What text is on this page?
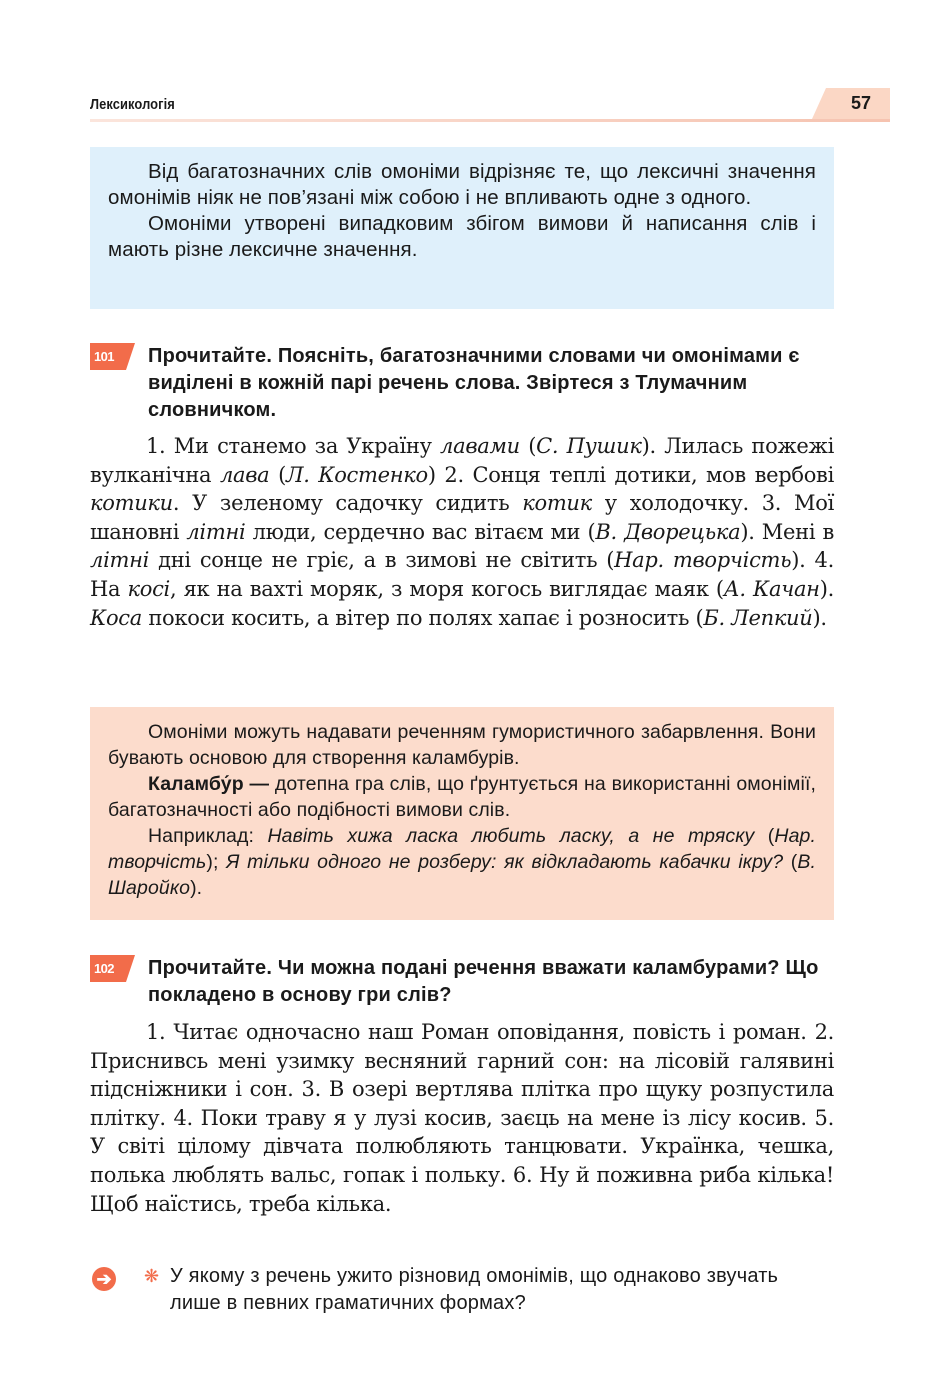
Лексикологія	57

Від багатозначних слів омоніми відрізняє те, що лексичні значення омонімів ніяк не пов’язані між собою і не впливають одне з одного.

Омоніми утворені випадковим збігом вимови й написання слів і мають різне лексичне значення.

101	Прочитайте. Поясніть, багатозначними словами чи омонімами є виділені в кожній парі речень слова. Звіртеся з Тлумачним словничком.

1. Ми станемо за Україну лавами (С. Пушик). Лилась пожежі вулканічна лава (Л. Костенко) 2. Сонця теплі дотики, мов вербові котики. У зеленому садочку сидить котик у холодочку. 3. Мої шановні літні люди, сердечно вас вітаєм ми (В. Дворецька). Мені в літні дні сонце не гріє, а в зимові не світить (Нар. творчість). 4. На косі, як на вахті моряк, з моря когось виглядає маяк (А. Качан). Коса покоси косить, а вітер по полях хапає і розносить (Б. Лепкий).

Омоніми можуть надавати реченням гумористичного забарвлення. Вони бувають основою для створення каламбурів.

Каламбу́р — дотепна гра слів, що ґрунтується на використанні омонімії, багатозначності або подібності вимови слів.

Наприклад: Навіть хижа ласка любить ласку, а не тряску (Нар. творчість); Я тільки одного не розберу: як відкладають кабачки ікру? (В. Шаройко).

102	Прочитайте. Чи можна подані речення вважати каламбурами? Що покладено в основу гри слів?

1. Читає одночасно наш Роман оповідання, повість і роман. 2. Приснивсь мені узимку весняний гарний сон: на лісовій галявині підсніжники і сон. 3. В озері вертлява плітка про щуку розпустила плітку. 4. Поки траву я у лузі косив, заєць на мене із лісу косив. 5. У світі цілому дівчата полюбляють танцювати. Українка, чешка, полька люблять вальс, гопак і польку. 6. Ну й поживна риба кілька! Щоб наїстись, треба кілька.

➔ ❋ У якому з речень ужито різновид омонімів, що однаково звучать лише в певних граматичних формах?
